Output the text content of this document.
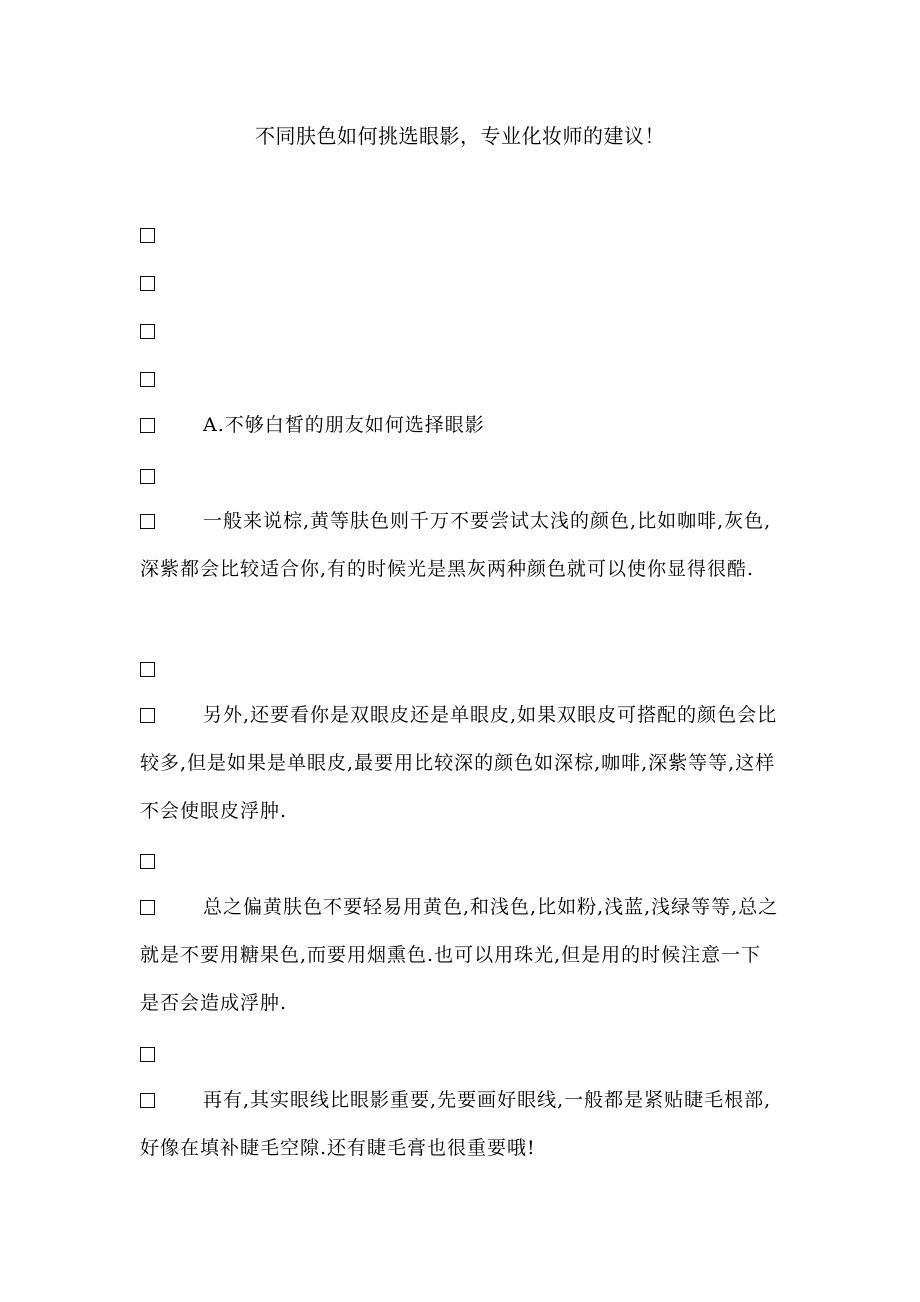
不同肤色如何挑选眼影，专业化妆师的建议！

A.不够白皙的朋友如何选择眼影

一般来说棕,黄等肤色则千万不要尝试太浅的颜色,比如咖啡,灰色,深紫都会比较适合你,有的时候光是黑灰两种颜色就可以使你显得很酷.

另外,还要看你是双眼皮还是单眼皮,如果双眼皮可搭配的颜色会比较多,但是如果是单眼皮,最要用比较深的颜色如深棕,咖啡,深紫等等,这样不会使眼皮浮肿.

总之偏黄肤色不要轻易用黄色,和浅色,比如粉,浅蓝,浅绿等等,总之就是不要用糖果色,而要用烟熏色.也可以用珠光,但是用的时候注意一下是否会造成浮肿.

再有,其实眼线比眼影重要,先要画好眼线,一般都是紧贴睫毛根部,好像在填补睫毛空隙.还有睫毛膏也很重要哦!
